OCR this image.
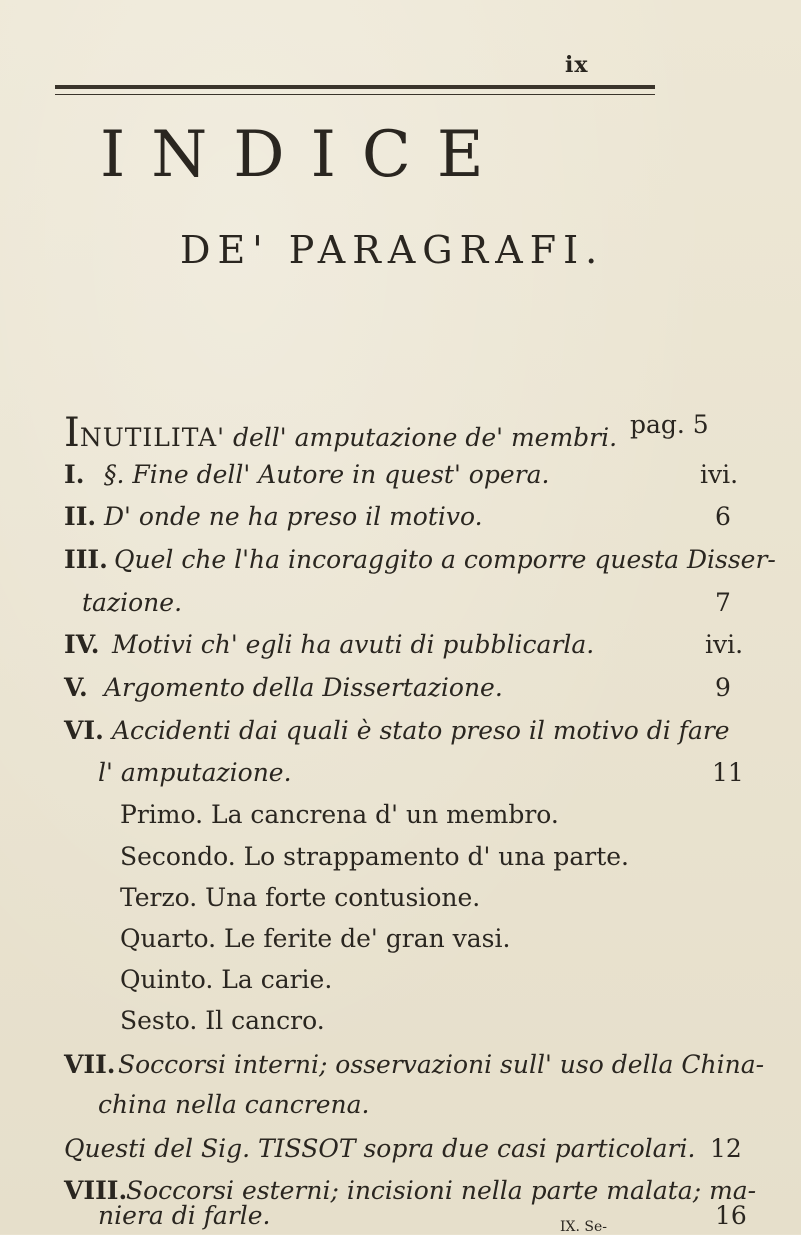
ix
INDICE
DE' PARAGRAFI.
INUTILITA' dell' amputazione de' membri. pag. 5
I. §. Fine dell' Autore in quest' opera.	ivi.
II. D' onde ne ha preso il motivo.	6
III. Quel che l'ha incoraggito a comporre questa Disser-
tazione.	7
IV. Motivi ch' egli ha avuti di pubblicarla.	ivi.
V. Argomento della Dissertazione.	9
VI. Accidenti dai quali è stato preso il motivo di fare
l' amputazione.	11
Primo. La cancrena d' un membro.
Secondo. Lo strappamento d' una parte.
Terzo. Una forte contusione.
Quarto. Le ferite de' gran vasi.
Quinto. La carie.
Sesto. Il cancro.
VII. Soccorsi interni; osservazioni sull' uso della China-
china nella cancrena.
Questi del Sig. TISSOT sopra due casi particolari. 12
VIII.
Soccorsi esterni; incisioni nella parte malata; ma-
niera di farle.	16
IX. Se-
